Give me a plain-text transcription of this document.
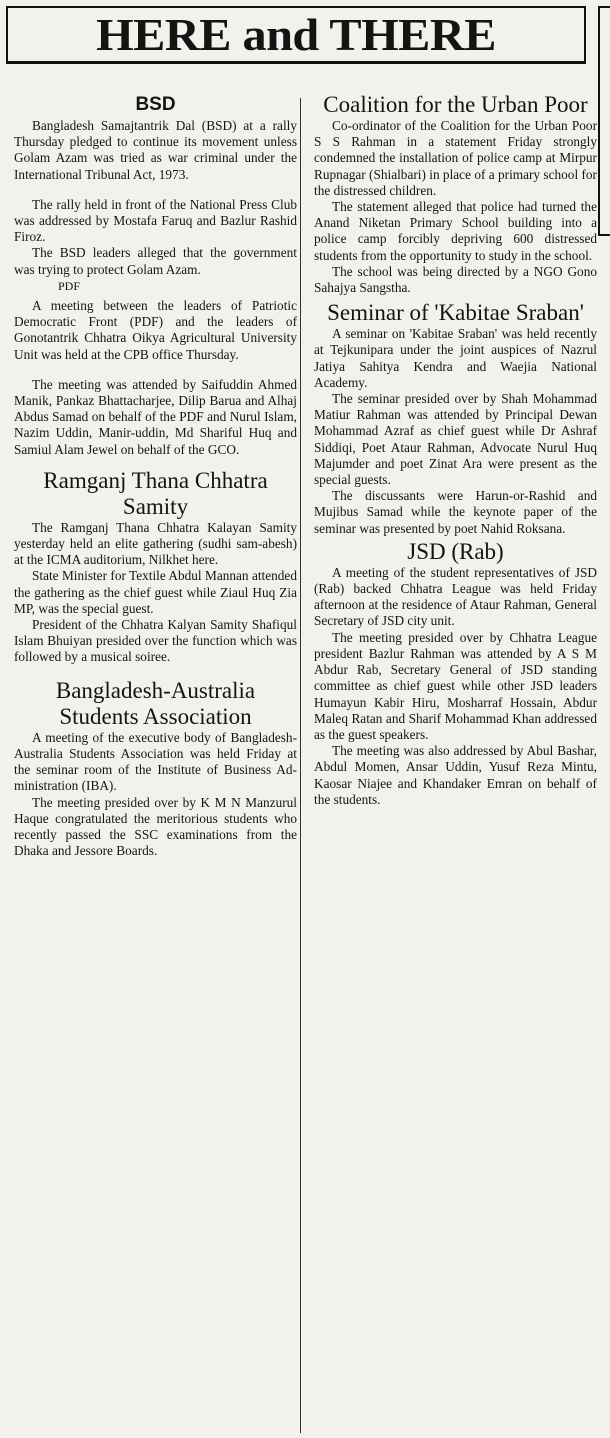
HERE and THERE
BSD

Bangladesh Samajtantrik Dal (BSD) at a rally Thursday pledged to continue its movement unless Golam Azam was tried as war criminal under the International Tribunal Act, 1973.

The rally held in front of the National Press Club was addressed by Mostafa Faruq and Bazlur Rashid Firoz.

The BSD leaders alleged that the government was trying to protect Golam Azam.

PDF

A meeting between the leaders of Patriotic Democratic Front (PDF) and the leaders of Gonotantrik Chhatra Oikya Agricultural University Unit was held at the CPB office Thursday.

The meeting was attended by Saifuddin Ahmed Manik, Pankaz Bhattacharjee, Dilip Barua and Alhaj Abdus Samad on behalf of the PDF and Nurul Islam, Nazim Uddin, Manir-uddin, Md Shariful Huq and Samiul Alam Jewel on behalf of the GCO.

Ramganj Thana Chhatra Samity

The Ramganj Thana Chhatra Kalayan Samity yesterday held an elite gathering (sudhi sam-abesh) at the ICMA auditorium, Nilkhet here.

State Minister for Textile Abdul Mannan attended the gathering as the chief guest while Ziaul Huq Zia MP, was the special guest.

President of the Chhatra Kalyan Samity Shafiqul Islam Bhuiyan presided over the function which was followed by a musical soiree.

Bangladesh-Australia Students Association

A meeting of the executive body of Bangladesh-Australia Students Association was held Friday at the seminar room of the Institute of Business Ad-ministration (IBA).

The meeting presided over by K M N Manzurul Haque congratulated the meritorious students who recently passed the SSC examinations from the Dhaka and Jessore Boards.

Coalition for the Urban Poor

Co-ordinator of the Coalition for the Urban Poor S S Rahman in a statement Friday strongly condemned the installation of police camp at Mirpur Rupnagar (Shialbari) in place of a primary school for the distressed children.

The statement alleged that police had turned the Anand Niketan Primary School building into a police camp forcibly depriving 600 distressed students from the opportunity to study in the school.

The school was being directed by a NGO Gono Sahajya Sangstha.

Seminar of 'Kabitae Sraban'

A seminar on 'Kabitae Sraban' was held recently at Tejkunipara under the joint auspices of Nazrul Jatiya Sahitya Kendra and Waejia National Academy.

The seminar presided over by Shah Mohammad Matiur Rahman was attended by Principal Dewan Mohammad Azraf as chief guest while Dr Ashraf Siddiqi, Poet Ataur Rahman, Advocate Nurul Huq Majumder and poet Zinat Ara were present as the special guests.

The discussants were Harun-or-Rashid and Mujibus Samad while the keynote paper of the seminar was presented by poet Nahid Roksana.

JSD (Rab)

A meeting of the student representatives of JSD (Rab) backed Chhatra League was held Friday afternoon at the residence of Ataur Rahman, General Secretary of JSD city unit.

The meeting presided over by Chhatra League president Bazlur Rahman was attended by A S M Abdur Rab, Secretary General of JSD standing committee as chief guest while other JSD leaders Humayun Kabir Hiru, Mosharraf Hossain, Abdur Maleq Ratan and Sharif Mohammad Khan addressed as the guest speakers.

The meeting was also addressed by Abul Bashar, Abdul Momen, Ansar Uddin, Yusuf Reza Mintu, Kaosar Niajee and Khandaker Emran on behalf of the students.
